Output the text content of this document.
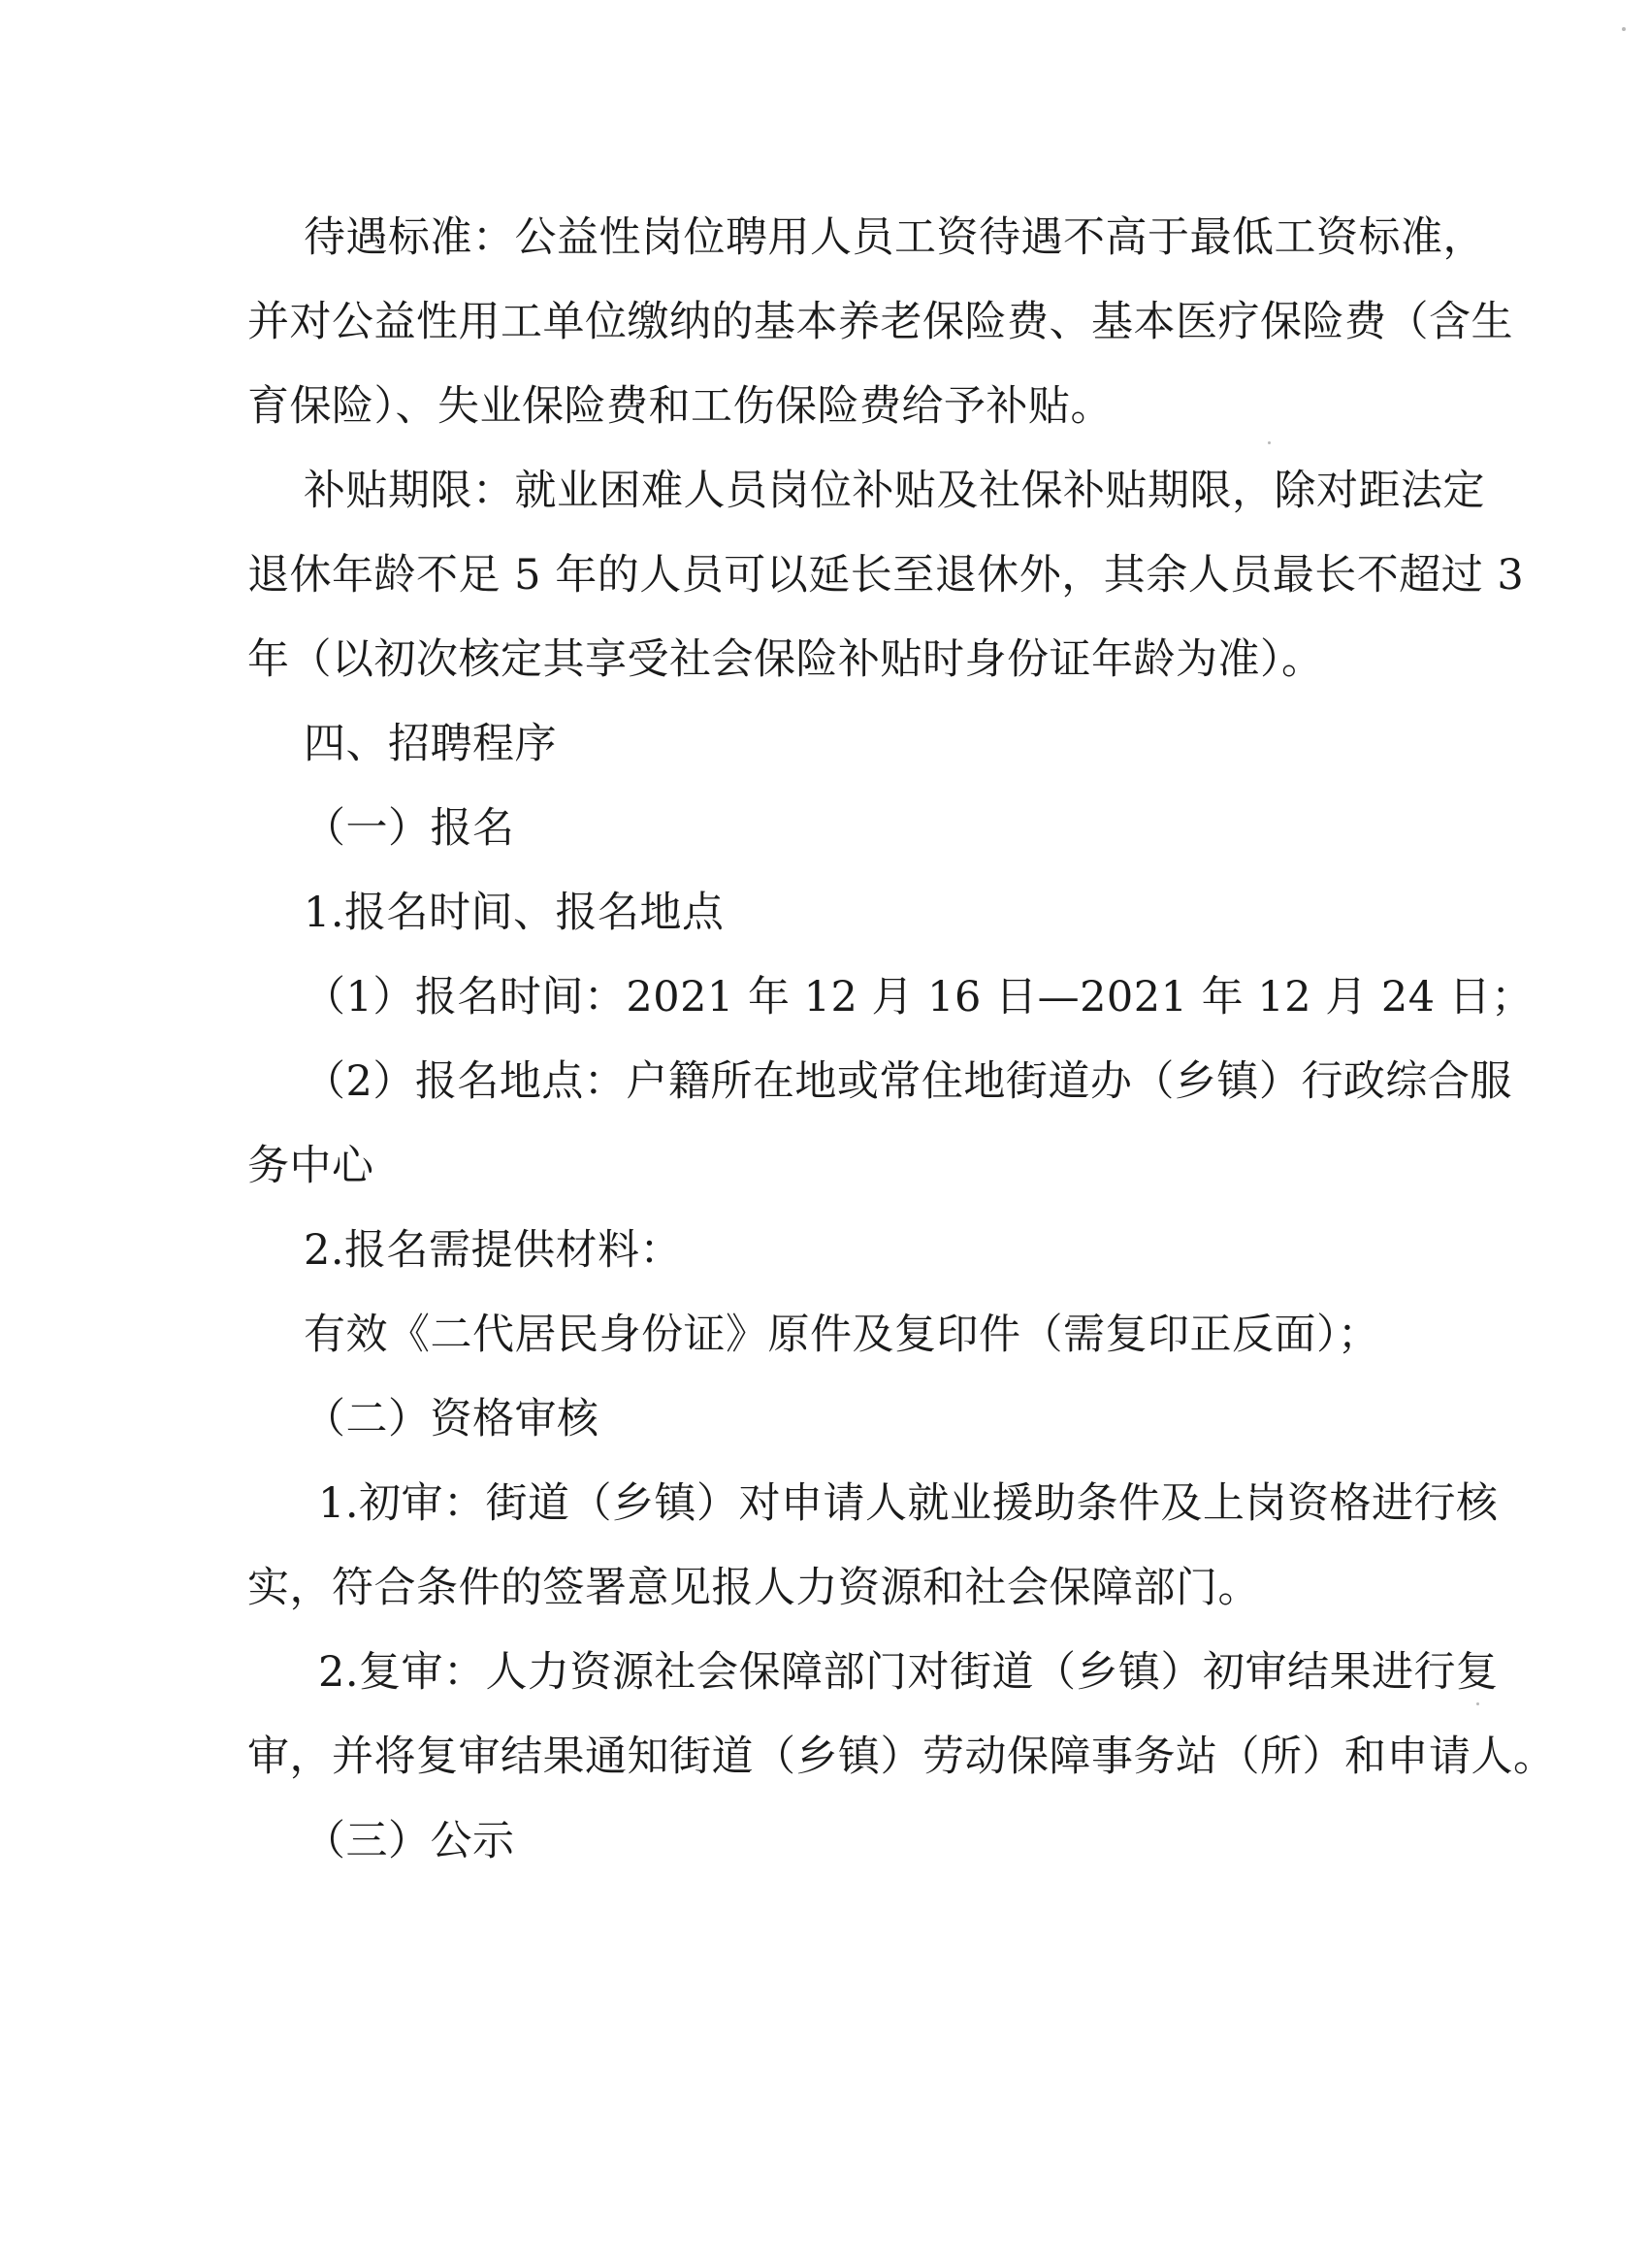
待遇标准：公益性岗位聘用人员工资待遇不高于最低工资标准，
并对公益性用工单位缴纳的基本养老保险费、基本医疗保险费（含生
育保险）、失业保险费和工伤保险费给予补贴。
补贴期限：就业困难人员岗位补贴及社保补贴期限，除对距法定
退休年龄不足 5 年的人员可以延长至退休外，其余人员最长不超过 3
年（以初次核定其享受社会保险补贴时身份证年龄为准）。
四、招聘程序
（一）报名
1.报名时间、报名地点
（1）报名时间：2021 年 12 月 16 日—2021 年 12 月 24 日；
（2）报名地点：户籍所在地或常住地街道办（乡镇）行政综合服
务中心
2.报名需提供材料：
有效《二代居民身份证》原件及复印件（需复印正反面）；
（二）资格审核
1.初审：街道（乡镇）对申请人就业援助条件及上岗资格进行核
实，符合条件的签署意见报人力资源和社会保障部门。
2.复审：人力资源社会保障部门对街道（乡镇）初审结果进行复
审，并将复审结果通知街道（乡镇）劳动保障事务站（所）和申请人。
（三）公示
